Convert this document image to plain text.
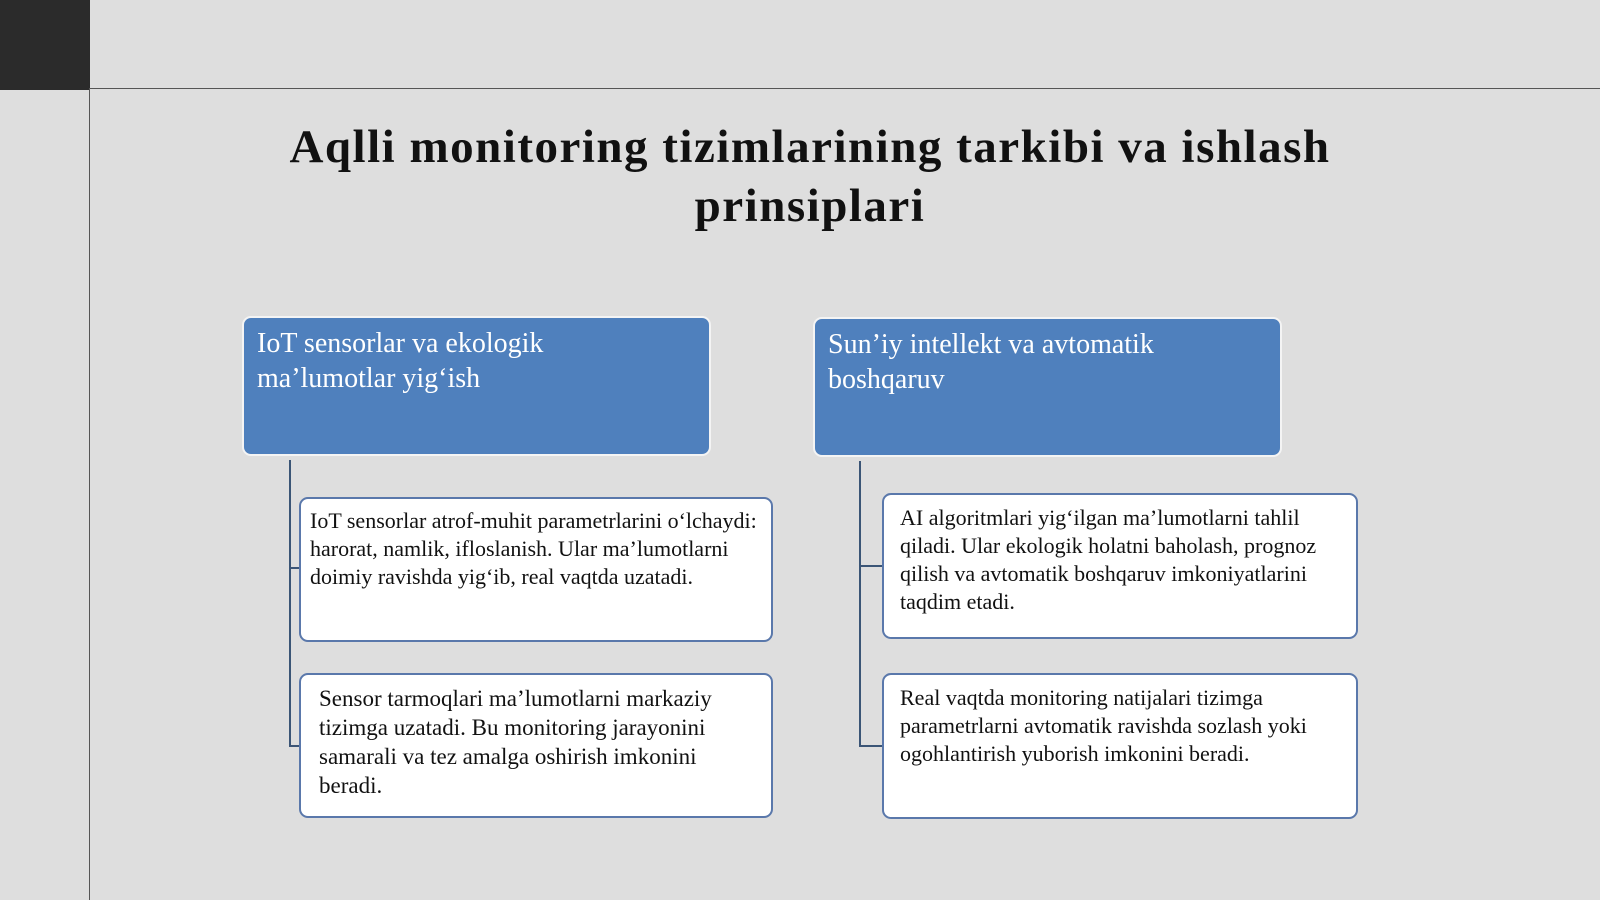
Aqlli monitoring tizimlarining tarkibi va ishlash
prinsiplari
IoT sensorlar va ekologik
ma’lumotlar yig‘ish
IoT sensorlar atrof-muhit parametrlarini o‘lchaydi: harorat, namlik, ifloslanish. Ular ma’lumotlarni doimiy ravishda yig‘ib, real vaqtda uzatadi.
Sensor tarmoqlari ma’lumotlarni markaziy tizimga uzatadi. Bu monitoring jarayonini samarali va tez amalga oshirish imkonini beradi.
Sun’iy intellekt va avtomatik
boshqaruv
AI algoritmlari yig‘ilgan ma’lumotlarni tahlil qiladi. Ular ekologik holatni baholash, prognoz qilish va avtomatik boshqaruv imkoniyatlarini taqdim etadi.
Real vaqtda monitoring natijalari tizimga parametrlarni avtomatik ravishda sozlash yoki ogohlantirish yuborish imkonini beradi.
